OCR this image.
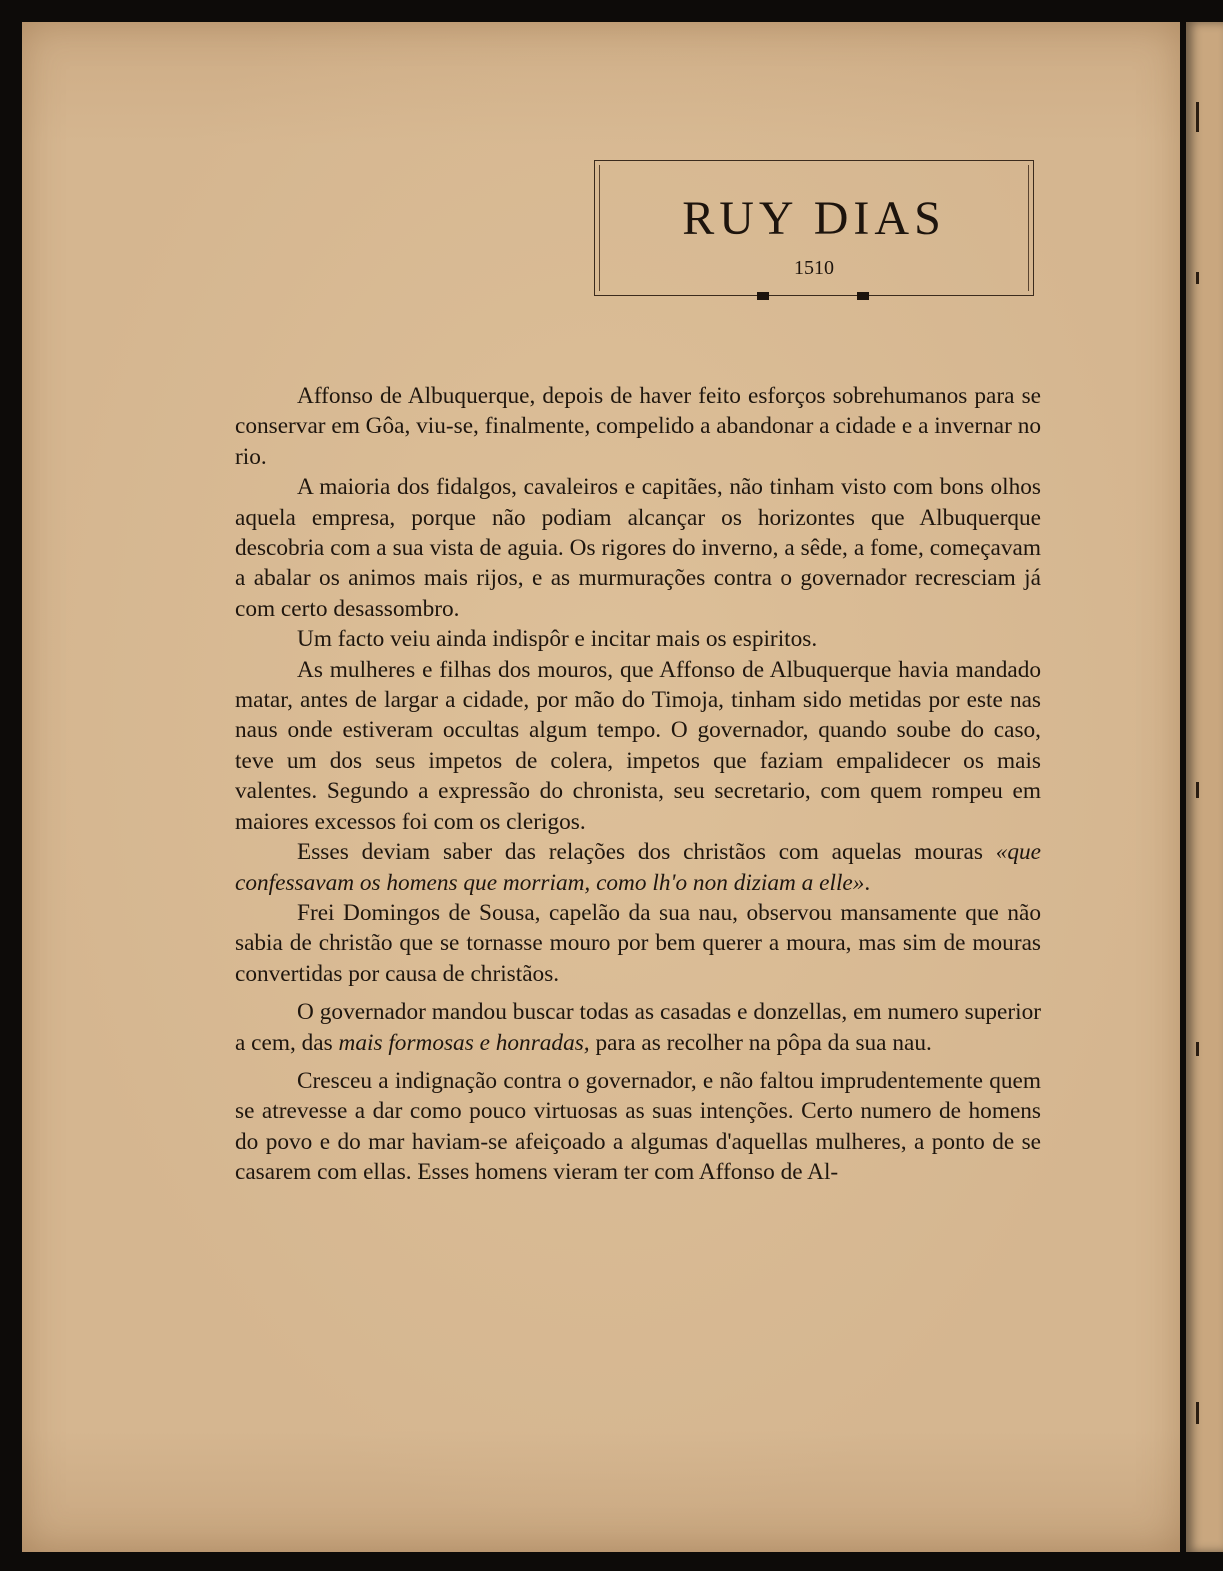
RUY DIAS
1510

Affonso de Albuquerque, depois de haver feito esforços sobrehumanos para se conservar em Gôa, viu-se, finalmente, compelido a abandonar a cidade e a invernar no rio.

A maioria dos fidalgos, cavaleiros e capitães, não tinham visto com bons olhos aquela empresa, porque não podiam alcançar os horizontes que Albuquerque descobria com a sua vista de aguia. Os rigores do inverno, a sêde, a fome, começavam a abalar os animos mais rijos, e as murmurações contra o governador recresciam já com certo desassombro.

Um facto veiu ainda indispôr e incitar mais os espiritos.

As mulheres e filhas dos mouros, que Affonso de Albuquerque havia mandado matar, antes de largar a cidade, por mão do Timoja, tinham sido metidas por este nas naus onde estiveram occultas algum tempo. O governador, quando soube do caso, teve um dos seus impetos de colera, impetos que faziam empalidecer os mais valentes. Segundo a expressão do chronista, seu secretario, com quem rompeu em maiores excessos foi com os clerigos.

Esses deviam saber das relações dos christãos com aquelas mouras «que confessavam os homens que morriam, como lh'o non diziam a elle».

Frei Domingos de Sousa, capelão da sua nau, observou mansamente que não sabia de christão que se tornasse mouro por bem querer a moura, mas sim de mouras convertidas por causa de christãos.

O governador mandou buscar todas as casadas e donzellas, em numero superior a cem, das mais formosas e honradas, para as recolher na pôpa da sua nau.

Cresceu a indignação contra o governador, e não faltou imprudentemente quem se atrevesse a dar como pouco virtuosas as suas intenções. Certo numero de homens do povo e do mar haviam-se afeiçoado a algumas d'aquellas mulheres, a ponto de se casarem com ellas. Esses homens vieram ter com Affonso de Al-
